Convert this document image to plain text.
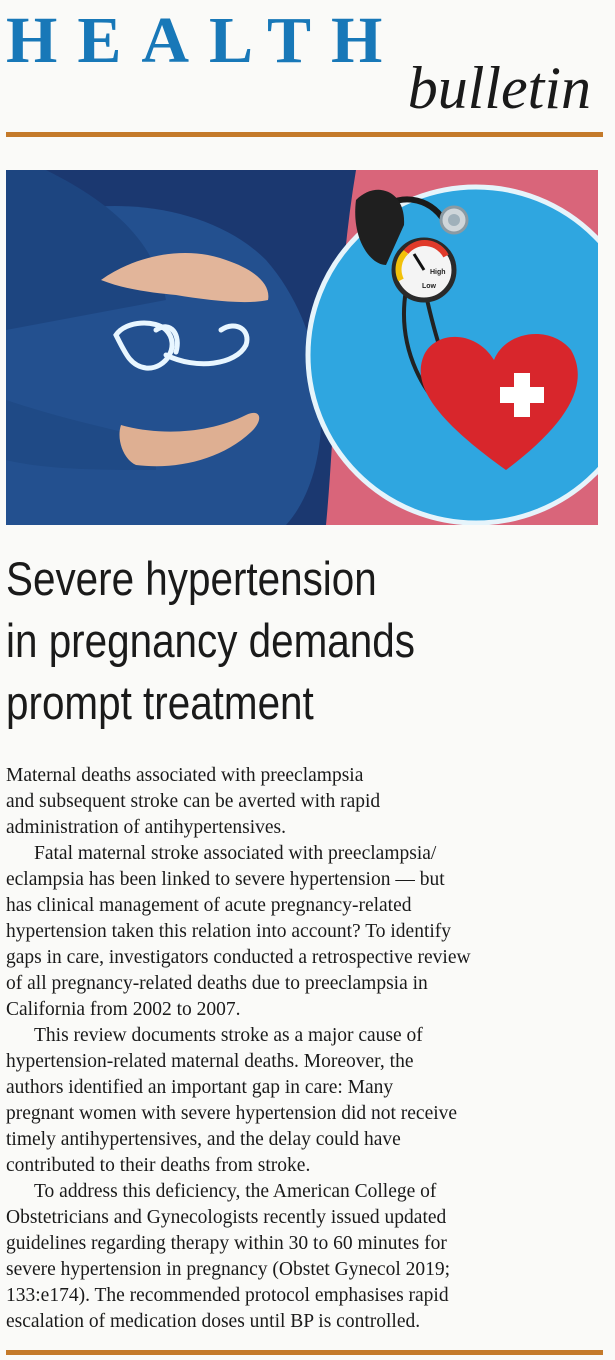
HEALTH
bulletin
High
Low
Severe hypertension
in pregnancy demands
prompt treatment
Maternal deaths associated with preeclampsia
and subsequent stroke can be averted with rapid
administration of antihypertensives.
Fatal maternal stroke associated with preeclampsia/
eclampsia has been linked to severe hypertension — but
has clinical management of acute pregnancy-related
hypertension taken this relation into account? To identify
gaps in care, investigators conducted a retrospective review
of all pregnancy-related deaths due to preeclampsia in
California from 2002 to 2007.
This review documents stroke as a major cause of
hypertension-related maternal deaths. Moreover, the
authors identified an important gap in care: Many
pregnant women with severe hypertension did not receive
timely antihypertensives, and the delay could have
contributed to their deaths from stroke.
To address this deficiency, the American College of
Obstetricians and Gynecologists recently issued updated
guidelines regarding therapy within 30 to 60 minutes for
severe hypertension in pregnancy (Obstet Gynecol 2019;
133:e174). The recommended protocol emphasises rapid
escalation of medication doses until BP is controlled.
